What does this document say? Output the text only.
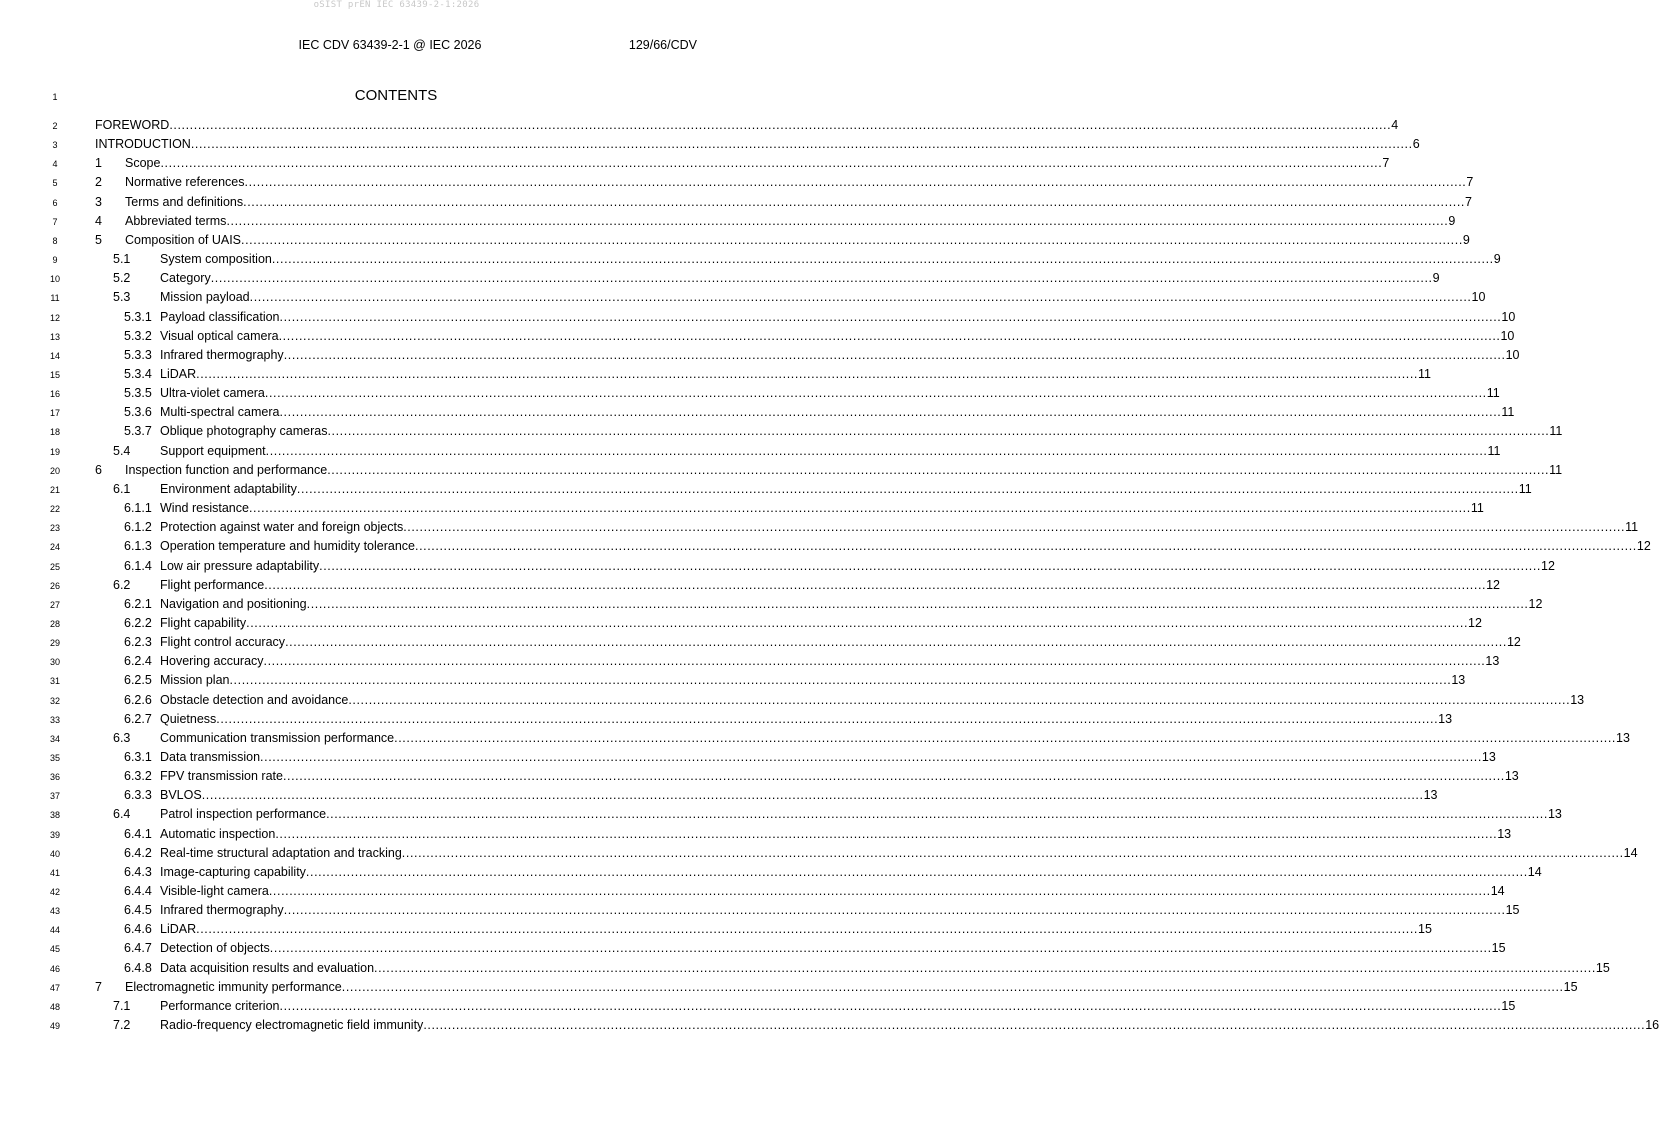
oSIST prEN IEC 63439-2-1:2026
IEC CDV 63439-2-1 @ IEC 2026	129/66/CDV
1	CONTENTS
2	FOREWORD ............................................................................................................................................................................................................................................................................................................ 4
3	INTRODUCTION ............................................................................................................................................................................................................................................................................................................ 6
4	1	Scope ............................................................................................................................................................................................................................................................................................................ 7
5	2	Normative references ............................................................................................................................................................................................................................................................................................................ 7
6	3	Terms and definitions ............................................................................................................................................................................................................................................................................................................ 7
7	4	Abbreviated terms ............................................................................................................................................................................................................................................................................................................ 9
8	5	Composition of UAIS ............................................................................................................................................................................................................................................................................................................ 9
9	5.1	System composition ............................................................................................................................................................................................................................................................................................................ 9
10	5.2	Category ............................................................................................................................................................................................................................................................................................................ 9
11	5.3	Mission payload ............................................................................................................................................................................................................................................................................................................ 10
12	5.3.1 Payload classification ............................................................................................................................................................................................................................................................................................................ 10
13	5.3.2 Visual optical camera ............................................................................................................................................................................................................................................................................................................ 10
14	5.3.3 Infrared thermography ............................................................................................................................................................................................................................................................................................................ 10
15	5.3.4 LiDAR ............................................................................................................................................................................................................................................................................................................ 11
16	5.3.5 Ultra-violet camera ............................................................................................................................................................................................................................................................................................................ 11
17	5.3.6 Multi-spectral camera ............................................................................................................................................................................................................................................................................................................ 11
18	5.3.7 Oblique photography cameras ............................................................................................................................................................................................................................................................................................................ 11
19	5.4	Support equipment ............................................................................................................................................................................................................................................................................................................ 11
20	6	Inspection function and performance ............................................................................................................................................................................................................................................................................................................ 11
21	6.1	Environment adaptability ............................................................................................................................................................................................................................................................................................................ 11
22	6.1.1 Wind resistance ............................................................................................................................................................................................................................................................................................................ 11
23	6.1.2 Protection against water and foreign objects ............................................................................................................................................................................................................................................................................................................ 11
24	6.1.3 Operation temperature and humidity tolerance ............................................................................................................................................................................................................................................................................................................ 12
25	6.1.4 Low air pressure adaptability ............................................................................................................................................................................................................................................................................................................ 12
26	6.2	Flight performance ............................................................................................................................................................................................................................................................................................................ 12
27	6.2.1 Navigation and positioning ............................................................................................................................................................................................................................................................................................................ 12
28	6.2.2 Flight capability ............................................................................................................................................................................................................................................................................................................ 12
29	6.2.3 Flight control accuracy ............................................................................................................................................................................................................................................................................................................ 12
30	6.2.4 Hovering accuracy ............................................................................................................................................................................................................................................................................................................ 13
31	6.2.5 Mission plan ............................................................................................................................................................................................................................................................................................................ 13
32	6.2.6 Obstacle detection and avoidance ............................................................................................................................................................................................................................................................................................................ 13
33	6.2.7 Quietness ............................................................................................................................................................................................................................................................................................................ 13
34	6.3	Communication transmission performance ............................................................................................................................................................................................................................................................................................................ 13
35	6.3.1 Data transmission ............................................................................................................................................................................................................................................................................................................ 13
36	6.3.2 FPV transmission rate ............................................................................................................................................................................................................................................................................................................ 13
37	6.3.3 BVLOS ............................................................................................................................................................................................................................................................................................................ 13
38	6.4	Patrol inspection performance ............................................................................................................................................................................................................................................................................................................ 13
39	6.4.1 Automatic inspection ............................................................................................................................................................................................................................................................................................................ 13
40	6.4.2 Real-time structural adaptation and tracking ............................................................................................................................................................................................................................................................................................................ 14
41	6.4.3 Image-capturing capability ............................................................................................................................................................................................................................................................................................................ 14
42	6.4.4 Visible-light camera ............................................................................................................................................................................................................................................................................................................ 14
43	6.4.5 Infrared thermography ............................................................................................................................................................................................................................................................................................................ 15
44	6.4.6 LiDAR ............................................................................................................................................................................................................................................................................................................ 15
45	6.4.7 Detection of objects ............................................................................................................................................................................................................................................................................................................ 15
46	6.4.8 Data acquisition results and evaluation ............................................................................................................................................................................................................................................................................................................ 15
47	7	Electromagnetic immunity performance ............................................................................................................................................................................................................................................................................................................ 15
48	7.1	Performance criterion ............................................................................................................................................................................................................................................................................................................ 15
49	7.2	Radio-frequency electromagnetic field immunity ............................................................................................................................................................................................................................................................................................................ 16
